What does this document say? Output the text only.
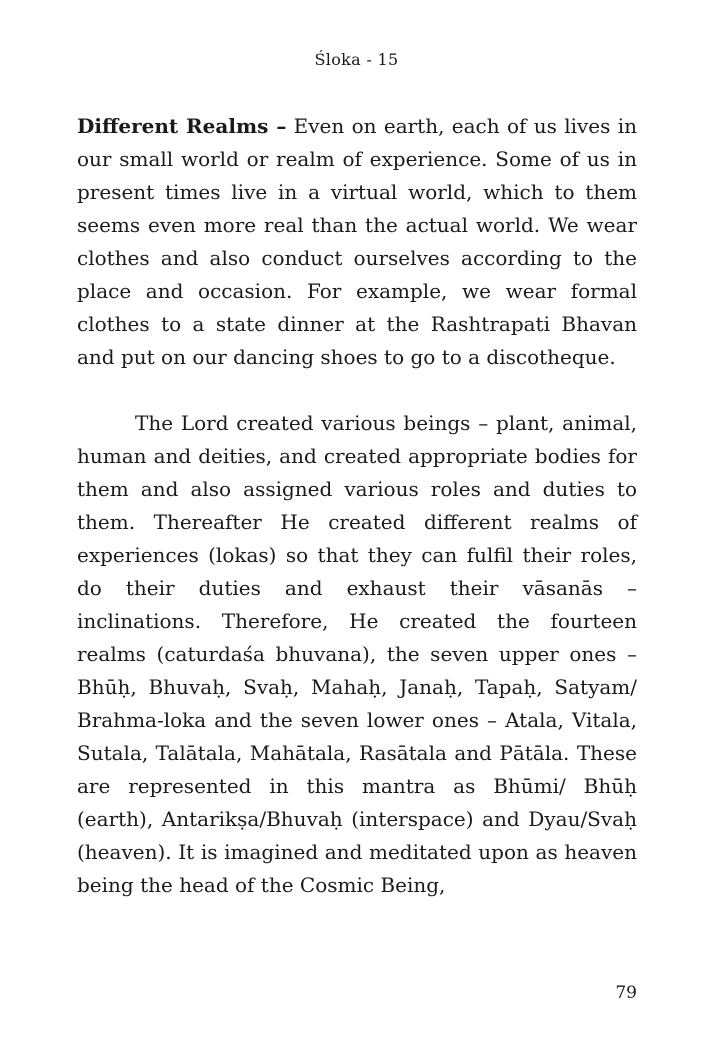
Śloka - 15

Different Realms – Even on earth, each of us lives in our small world or realm of experience. Some of us in present times live in a virtual world, which to them seems even more real than the actual world. We wear clothes and also conduct ourselves according to the place and occasion. For example, we wear formal clothes to a state dinner at the Rashtrapati Bhavan and put on our dancing shoes to go to a discotheque.

The Lord created various beings – plant, animal, human and deities, and created appropriate bodies for them and also assigned various roles and duties to them. Thereafter He created different realms of experiences (lokas) so that they can fulfil their roles, do their duties and exhaust their vāsanās – inclinations. Therefore, He created the fourteen realms (caturdaśa bhuvana), the seven upper ones – Bhūḥ, Bhuvaḥ, Svaḥ, Mahaḥ, Janaḥ, Tapaḥ, Satyam/ Brahma-loka and the seven lower ones – Atala, Vitala, Sutala, Talātala, Mahātala, Rasātala and Pātāla. These are represented in this mantra as Bhūmi/ Bhūḥ (earth), Antarikṣa/Bhuvaḥ (interspace) and Dyau/Svaḥ (heaven). It is imagined and meditated upon as heaven being the head of the Cosmic Being,

79
